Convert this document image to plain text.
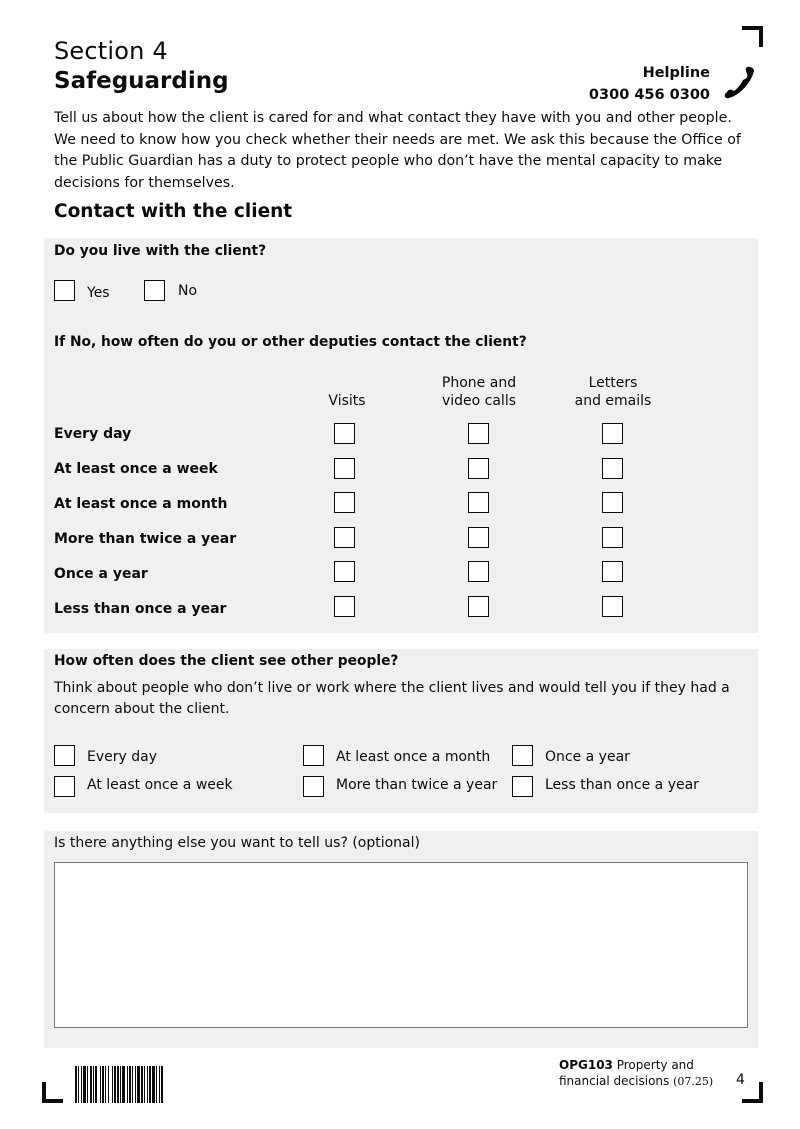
Section 4
Safeguarding	Helpline
0300 456 0300
Tell us about how the client is cared for and what contact they have with you and other people. We need to know how you check whether their needs are met. We ask this because the Office of the Public Guardian has a duty to protect people who don’t have the mental capacity to make decisions for themselves.
Contact with the client
Do you live with the client?
Yes	No
If No, how often do you or other deputies contact the client?

Visits
Phone and
video calls
Letters
and emails
Every day
At least once a week
At least once a month
More than twice a year
Once a year
Less than once a year
How often does the client see other people?
Think about people who don’t live or work where the client lives and would tell you if they had a concern about the client.
Every day
At least once a week
At least once a month
More than twice a year
Once a year
Less than once a year
Is there anything else you want to tell us? (optional)
OPG103 Property and
financial decisions (07.25) 4
